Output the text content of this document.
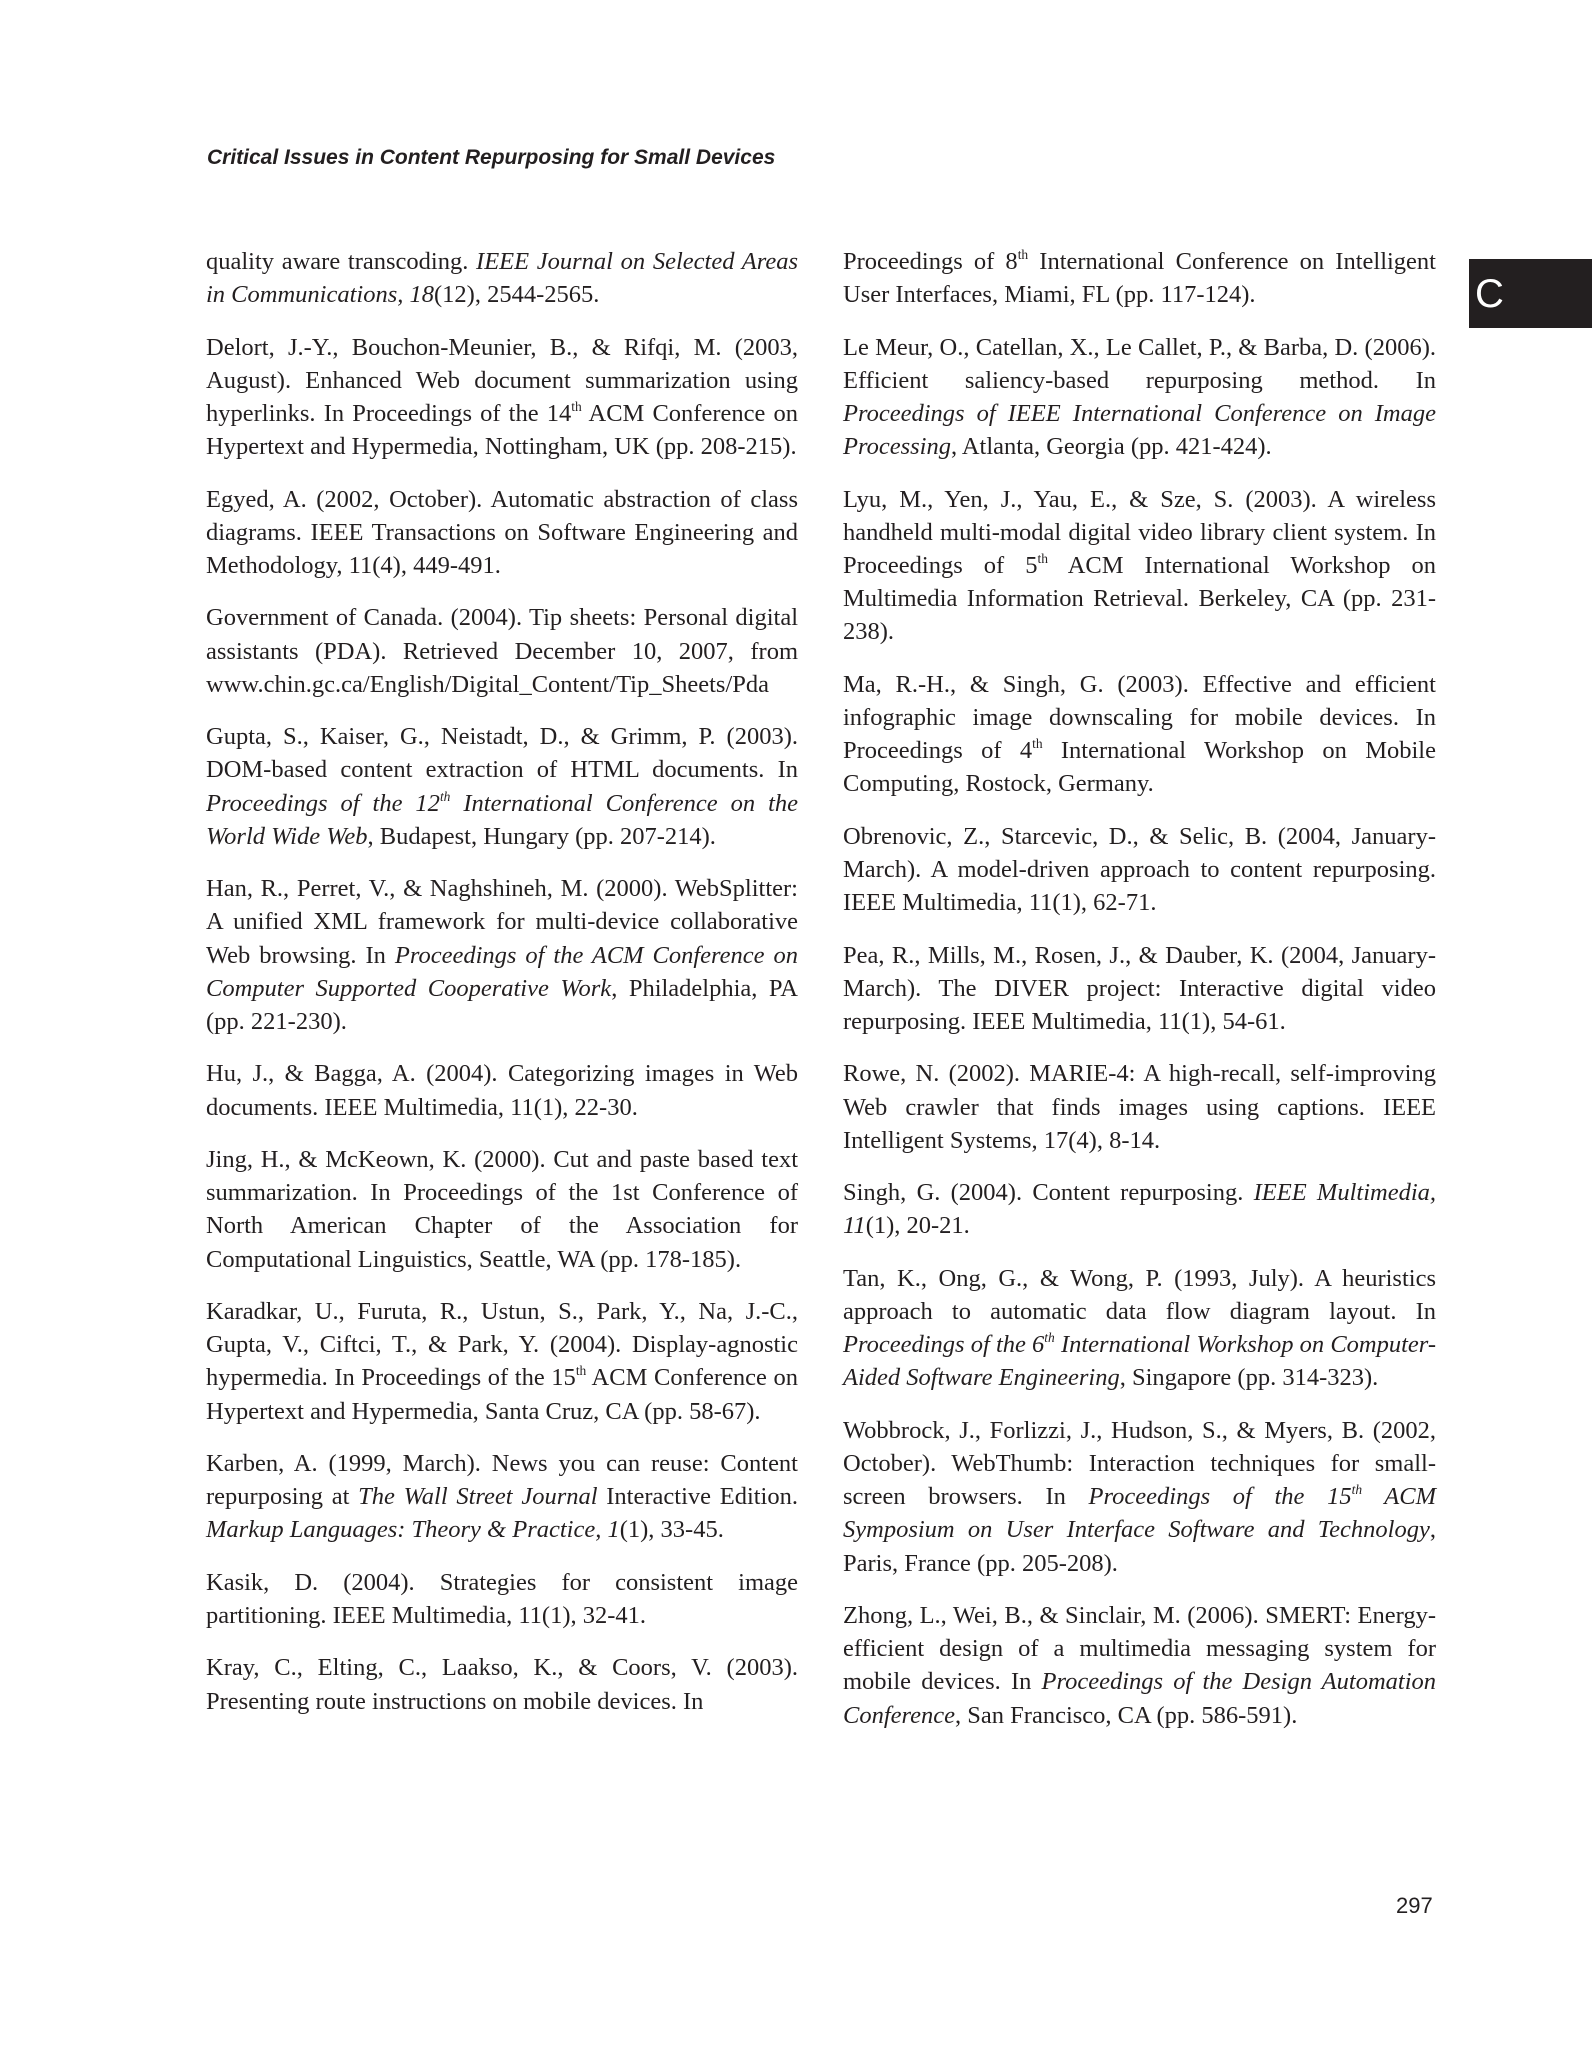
Critical Issues in Content Repurposing for Small Devices
C

quality aware transcoding. IEEE Journal on Selected Areas in Communications, 18(12), 2544-2565.

Delort, J.-Y., Bouchon-Meunier, B., & Rifqi, M. (2003, August). Enhanced Web document summarization using hyperlinks. In Proceedings of the 14th ACM Conference on Hypertext and Hypermedia, Nottingham, UK (pp. 208-215).

Egyed, A. (2002, October). Automatic abstraction of class diagrams. IEEE Transactions on Software Engineering and Methodology, 11(4), 449-491.

Government of Canada. (2004). Tip sheets: Personal digital assistants (PDA). Retrieved December 10, 2007, from www.chin.gc.ca/English/Digital_Content/Tip_Sheets/Pda

Gupta, S., Kaiser, G., Neistadt, D., & Grimm, P. (2003). DOM-based content extraction of HTML documents. In Proceedings of the 12th International Conference on the World Wide Web, Budapest, Hungary (pp. 207-214).

Han, R., Perret, V., & Naghshineh, M. (2000). WebSplitter: A unified XML framework for multi-device collaborative Web browsing. In Proceedings of the ACM Conference on Computer Supported Cooperative Work, Philadelphia, PA (pp. 221-230).

Hu, J., & Bagga, A. (2004). Categorizing images in Web documents. IEEE Multimedia, 11(1), 22-30.

Jing, H., & McKeown, K. (2000). Cut and paste based text summarization. In Proceedings of the 1st Conference of North American Chapter of the Association for Computational Linguistics, Seattle, WA (pp. 178-185).

Karadkar, U., Furuta, R., Ustun, S., Park, Y., Na, J.-C., Gupta, V., Ciftci, T., & Park, Y. (2004). Display-agnostic hypermedia. In Proceedings of the 15th ACM Conference on Hypertext and Hypermedia, Santa Cruz, CA (pp. 58-67).

Karben, A. (1999, March). News you can reuse: Content repurposing at The Wall Street Journal Interactive Edition. Markup Languages: Theory & Practice, 1(1), 33-45.

Kasik, D. (2004). Strategies for consistent image partitioning. IEEE Multimedia, 11(1), 32-41.

Kray, C., Elting, C., Laakso, K., & Coors, V. (2003). Presenting route instructions on mobile devices. In

Proceedings of 8th International Conference on Intelligent User Interfaces, Miami, FL (pp. 117-124).

Le Meur, O., Catellan, X., Le Callet, P., & Barba, D. (2006). Efficient saliency-based repurposing method. In Proceedings of IEEE International Conference on Image Processing, Atlanta, Georgia (pp. 421-424).

Lyu, M., Yen, J., Yau, E., & Sze, S. (2003). A wireless handheld multi-modal digital video library client system. In Proceedings of 5th ACM International Workshop on Multimedia Information Retrieval. Berkeley, CA (pp. 231-238).

Ma, R.-H., & Singh, G. (2003). Effective and efficient infographic image downscaling for mobile devices. In Proceedings of 4th International Workshop on Mobile Computing, Rostock, Germany.

Obrenovic, Z., Starcevic, D., & Selic, B. (2004, January-March). A model-driven approach to content repurposing. IEEE Multimedia, 11(1), 62-71.

Pea, R., Mills, M., Rosen, J., & Dauber, K. (2004, January-March). The DIVER project: Interactive digital video repurposing. IEEE Multimedia, 11(1), 54-61.

Rowe, N. (2002). MARIE-4: A high-recall, self-improving Web crawler that finds images using captions. IEEE Intelligent Systems, 17(4), 8-14.

Singh, G. (2004). Content repurposing. IEEE Multimedia, 11(1), 20-21.

Tan, K., Ong, G., & Wong, P. (1993, July). A heuristics approach to automatic data flow diagram layout. In Proceedings of the 6th International Workshop on Computer-Aided Software Engineering, Singapore (pp. 314-323).

Wobbrock, J., Forlizzi, J., Hudson, S., & Myers, B. (2002, October). WebThumb: Interaction techniques for small-screen browsers. In Proceedings of the 15th ACM Symposium on User Interface Software and Technology, Paris, France (pp. 205-208).

Zhong, L., Wei, B., & Sinclair, M. (2006). SMERT: Energy-efficient design of a multimedia messaging system for mobile devices. In Proceedings of the Design Automation Conference, San Francisco, CA (pp. 586-591).

297
